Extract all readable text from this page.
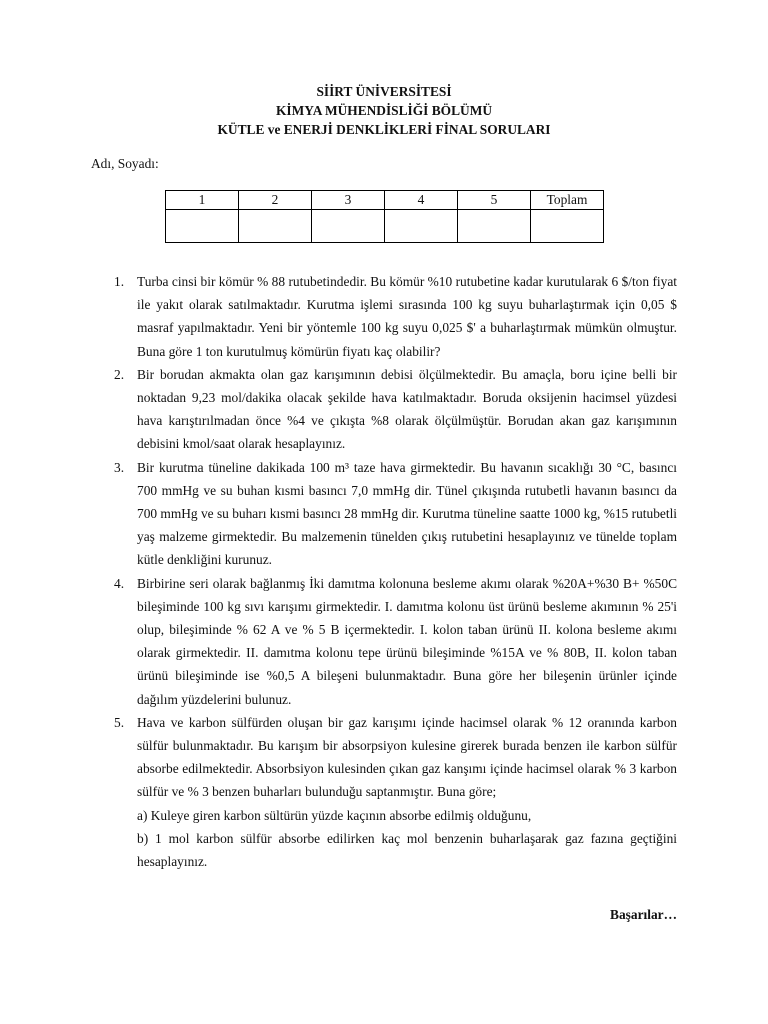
SİİRT ÜNİVERSİTESİ
KİMYA MÜHENDİSLİĞİ BÖLÜMÜ
KÜTLE ve ENERJİ DENKLİKLERİ FİNAL SORULARI
Adı, Soyadı:
1	2	3	4	5	Toplam

1. Turba cinsi bir kömür % 88 rutubetindedir. Bu kömür %10 rutubetine kadar kurutularak 6 $/ton fiyat ile yakıt olarak satılmaktadır. Kurutma işlemi sırasında 100 kg suyu buharlaştırmak için 0,05 $ masraf yapılmaktadır. Yeni bir yöntemle 100 kg suyu 0,025 $' a buharlaştırmak mümkün olmuştur. Buna göre 1 ton kurutulmuş kömürün fiyatı kaç olabilir?
2. Bir borudan akmakta olan gaz karışımının debisi ölçülmektedir. Bu amaçla, boru içine belli bir noktadan 9,23 mol/dakika olacak şekilde hava katılmaktadır. Boruda oksijenin hacimsel yüzdesi hava karıştırılmadan önce %4 ve çıkışta %8 olarak ölçülmüştür. Borudan akan gaz karışımının debisini kmol/saat olarak hesaplayınız.
3. Bir kurutma tüneline dakikada 100 m³ taze hava girmektedir. Bu havanın sıcaklığı 30 °C, basıncı 700 mmHg ve su buhan kısmi basıncı 7,0 mmHg dir. Tünel çıkışında rutubetli havanın basıncı da 700 mmHg ve su buharı kısmi basıncı 28 mmHg dir. Kurutma tüneline saatte 1000 kg, %15 rutubetli yaş malzeme girmektedir. Bu malzemenin tünelden çıkış rutubetini hesaplayınız ve tünelde toplam kütle denkliğini kurunuz.
4. Birbirine seri olarak bağlanmış İki damıtma kolonuna besleme akımı olarak %20A+%30 B+ %50C bileşiminde 100 kg sıvı karışımı girmektedir. I. damıtma kolonu üst ürünü besleme akımının % 25'i olup, bileşiminde % 62 A ve % 5 B içermektedir. I. kolon taban ürünü II. kolona besleme akımı olarak girmektedir. II. damıtma kolonu tepe ürünü bileşiminde %15A ve % 80B, II. kolon taban ürünü bileşiminde ise %0,5 A bileşeni bulunmaktadır. Buna göre her bileşenin ürünler içinde dağılım yüzdelerini bulunuz.
5. Hava ve karbon sülfürden oluşan bir gaz karışımı içinde hacimsel olarak % 12 oranında karbon sülfür bulunmaktadır. Bu karışım bir absorpsiyon kulesine girerek burada benzen ile karbon sülfür absorbe edilmektedir. Absorbsiyon kulesinden çıkan gaz kanşımı içinde hacimsel olarak % 3 karbon sülfür ve % 3 benzen buharları bulunduğu saptanmıştır. Buna göre;
a) Kuleye giren karbon sültürün yüzde kaçının absorbe edilmiş olduğunu,
b) 1 mol karbon sülfür absorbe edilirken kaç mol benzenin buharlaşarak gaz fazına geçtiğini hesaplayınız.
Başarılar…
